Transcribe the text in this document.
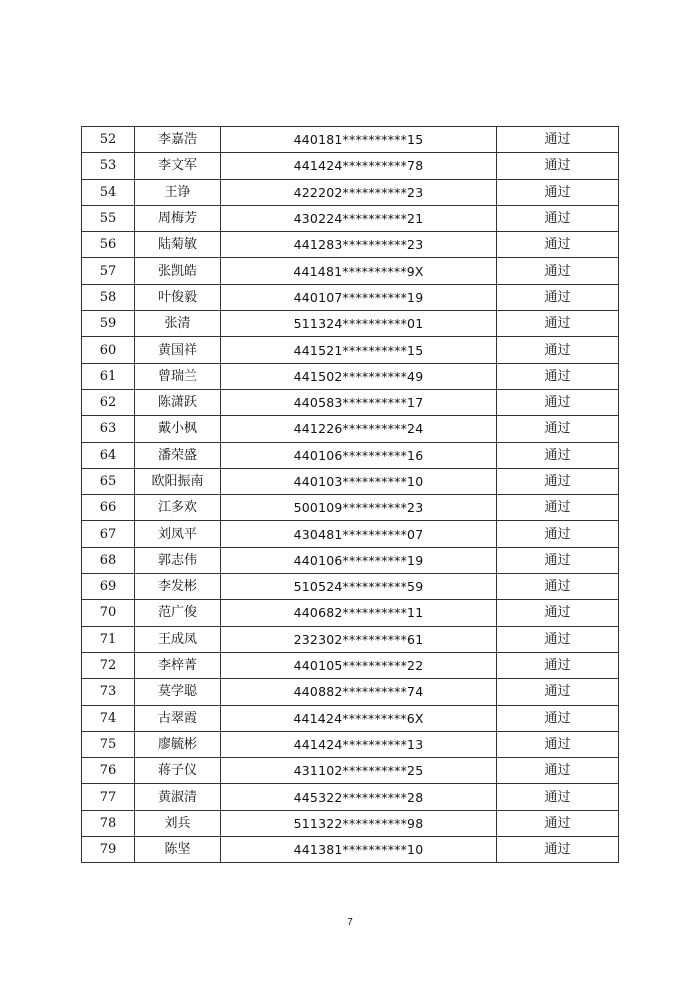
52	李嘉浩	440181**********15	通过
53	李文军	441424**********78	通过
54	王诤	422202**********23	通过
55	周梅芳	430224**********21	通过
56	陆菊敏	441283**********23	通过
57	张凯皓	441481**********9X	通过
58	叶俊毅	440107**********19	通过
59	张清	511324**********01	通过
60	黄国祥	441521**********15	通过
61	曾瑞兰	441502**********49	通过
62	陈潇跃	440583**********17	通过
63	戴小枫	441226**********24	通过
64	潘荣盛	440106**********16	通过
65	欧阳振南	440103**********10	通过
66	江多欢	500109**********23	通过
67	刘凤平	430481**********07	通过
68	郭志伟	440106**********19	通过
69	李发彬	510524**********59	通过
70	范广俊	440682**********11	通过
71	王成凤	232302**********61	通过
72	李梓菁	440105**********22	通过
73	莫学聪	440882**********74	通过
74	古翠霞	441424**********6X	通过
75	廖毓彬	441424**********13	通过
76	蒋子仪	431102**********25	通过
77	黄淑清	445322**********28	通过
78	刘兵	511322**********98	通过
79	陈坚	441381**********10	通过
7
